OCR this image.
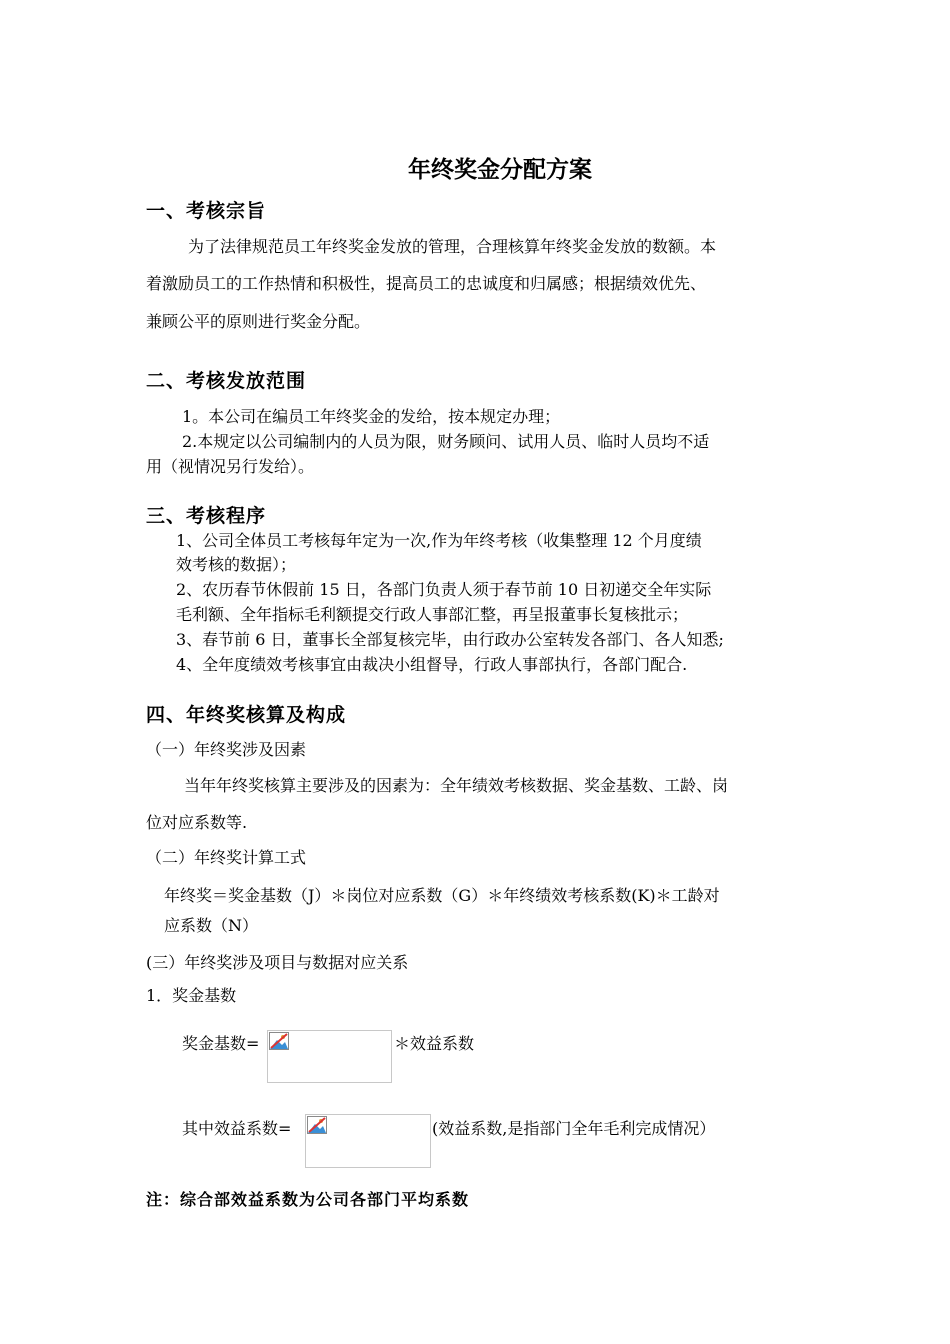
年终奖金分配方案
一、考核宗旨
为了法律规范员工年终奖金发放的管理，合理核算年终奖金发放的数额。本
着激励员工的工作热情和积极性，提高员工的忠诚度和归属感；根据绩效优先、
兼顾公平的原则进行奖金分配。
二、考核发放范围
1。本公司在编员工年终奖金的发给，按本规定办理；
2.本规定以公司编制内的人员为限，财务顾问、试用人员、临时人员均不适
用（视情况另行发给）。
三、考核程序
1、公司全体员工考核每年定为一次,作为年终考核（收集整理 12 个月度绩
效考核的数据）；
2、农历春节休假前 15 日，各部门负责人须于春节前 10 日初递交全年实际
毛利额、全年指标毛利额提交行政人事部汇整，再呈报董事长复核批示；
3、春节前 6 日，董事长全部复核完毕，由行政办公室转发各部门、各人知悉;
4、全年度绩效考核事宜由裁决小组督导，行政人事部执行，各部门配合.
四、年终奖核算及构成
（一）年终奖涉及因素
当年年终奖核算主要涉及的因素为：全年绩效考核数据、奖金基数、工龄、岗
位对应系数等.
（二）年终奖计算工式
年终奖＝奖金基数（J）＊岗位对应系数（G）＊年终绩效考核系数(K)＊工龄对
应系数（N）
(三）年终奖涉及项目与数据对应关系
1．奖金基数
奖金基数=	＊效益系数
其中效益系数=	(效益系数,是指部门全年毛利完成情况）
注：综合部效益系数为公司各部门平均系数
